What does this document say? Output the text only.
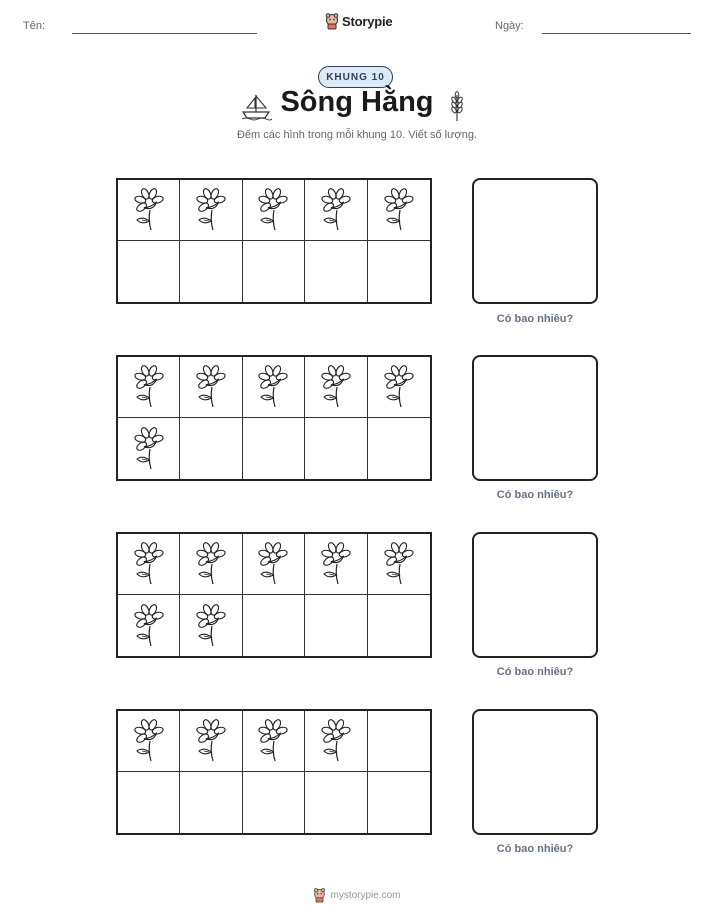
Tên:	Storypie	Ngày:
KHUNG 10
Sông Hằng
Đếm các hình trong mỗi khung 10. Viết số lượng.
Có bao nhiêu?
Có bao nhiêu?
Có bao nhiêu?
Có bao nhiêu?
mystorypie.com
